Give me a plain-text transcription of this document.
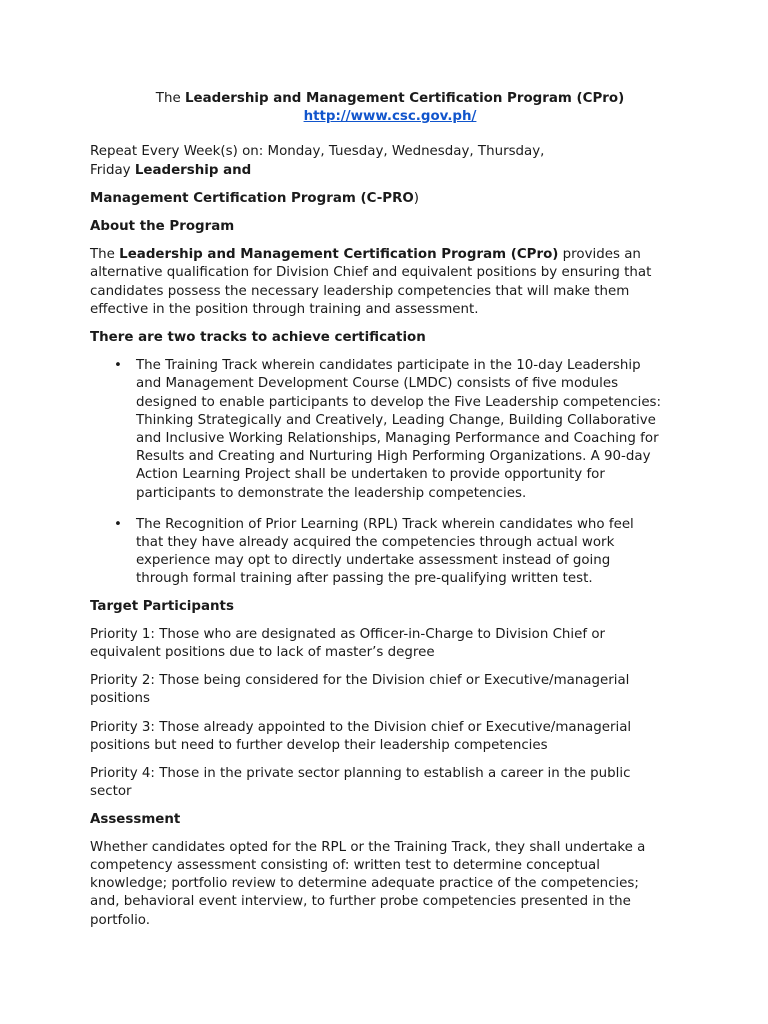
The Leadership and Management Certification Program (CPro)

http://www.csc.gov.ph/

Repeat Every Week(s) on: Monday, Tuesday, Wednesday, Thursday,
Friday Leadership and

Management Certification Program (C-PRO)

About the Program

The Leadership and Management Certification Program (CPro) provides an
alternative qualification for Division Chief and equivalent positions by ensuring that
candidates possess the necessary leadership competencies that will make them
effective in the position through training and assessment.

There are two tracks to achieve certification

• The Training Track wherein candidates participate in the 10-day Leadership
and Management Development Course (LMDC) consists of five modules
designed to enable participants to develop the Five Leadership competencies:
Thinking Strategically and Creatively, Leading Change, Building Collaborative
and Inclusive Working Relationships, Managing Performance and Coaching for
Results and Creating and Nurturing High Performing Organizations. A 90-day
Action Learning Project shall be undertaken to provide opportunity for
participants to demonstrate the leadership competencies.
• The Recognition of Prior Learning (RPL) Track wherein candidates who feel
that they have already acquired the competencies through actual work
experience may opt to directly undertake assessment instead of going
through formal training after passing the pre-qualifying written test.

Target Participants

Priority 1: Those who are designated as Officer-in-Charge to Division Chief or
equivalent positions due to lack of master’s degree

Priority 2: Those being considered for the Division chief or Executive/managerial
positions

Priority 3: Those already appointed to the Division chief or Executive/managerial
positions but need to further develop their leadership competencies

Priority 4: Those in the private sector planning to establish a career in the public
sector

Assessment

Whether candidates opted for the RPL or the Training Track, they shall undertake a
competency assessment consisting of: written test to determine conceptual
knowledge; portfolio review to determine adequate practice of the competencies;
and, behavioral event interview, to further probe competencies presented in the
portfolio.
